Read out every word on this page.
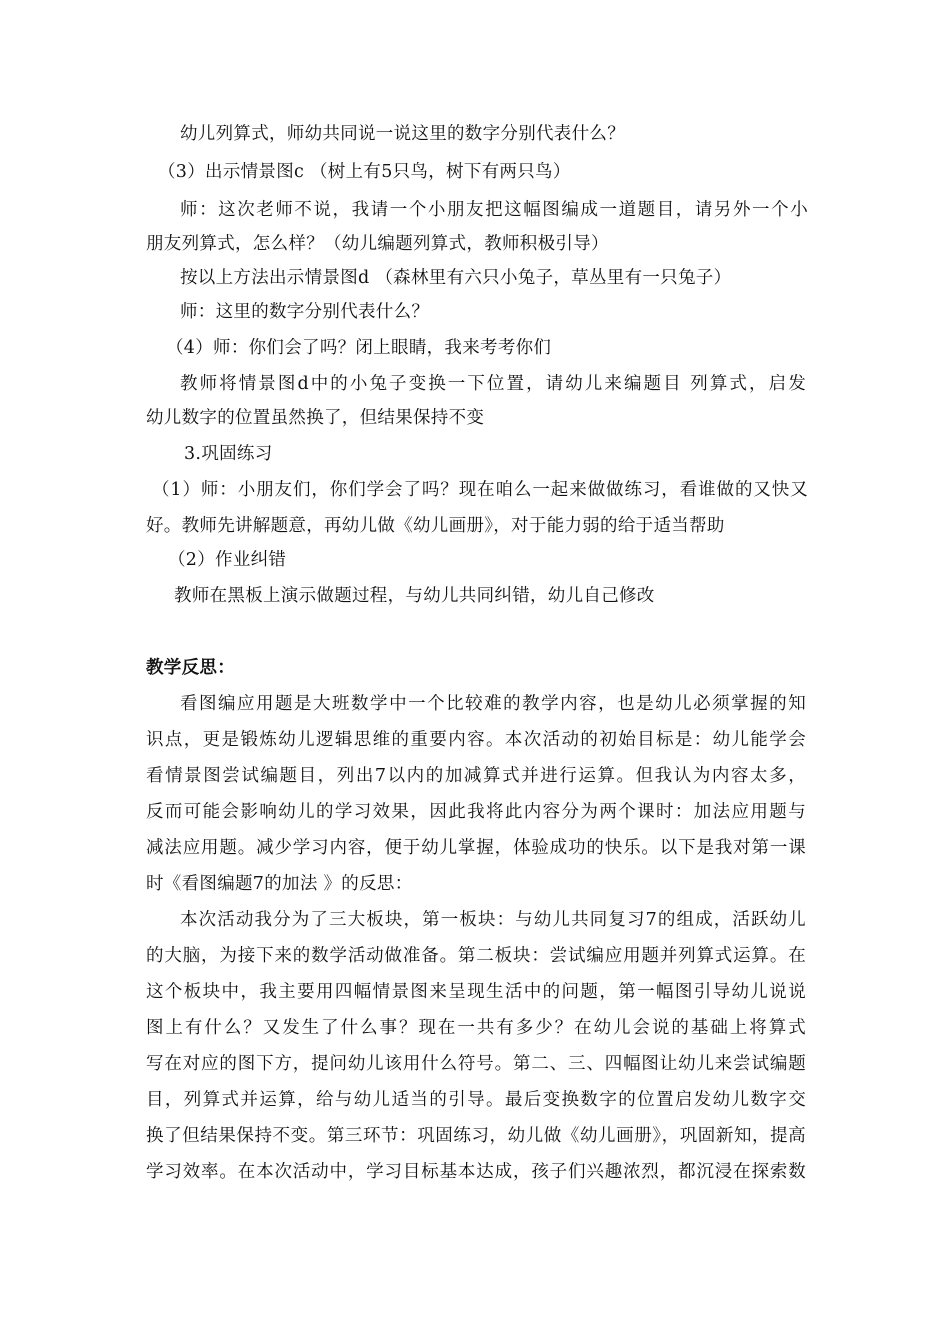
幼儿列算式，师幼共同说一说这里的数字分别代表什么？
（3）出示情景图c （树上有5只鸟，树下有两只鸟）
师：这次老师不说，我请一个小朋友把这幅图编成一道题目，请另外一个小
朋友列算式，怎么样？（幼儿编题列算式，教师积极引导）
按以上方法出示情景图d （森林里有六只小兔子，草丛里有一只兔子）
师：这里的数字分别代表什么？
（4）师：你们会了吗？闭上眼睛，我来考考你们
教师将情景图d中的小兔子变换一下位置，请幼儿来编题目 列算式，启发
幼儿数字的位置虽然换了，但结果保持不变
3.巩固练习
（1）师：小朋友们，你们学会了吗？现在咱么一起来做做练习，看谁做的又快又
好。教师先讲解题意，再幼儿做《幼儿画册》，对于能力弱的给于适当帮助
（2）作业纠错
教师在黑板上演示做题过程，与幼儿共同纠错，幼儿自己修改
教学反思：
看图编应用题是大班数学中一个比较难的教学内容，也是幼儿必须掌握的知
识点，更是锻炼幼儿逻辑思维的重要内容。本次活动的初始目标是：幼儿能学会
看情景图尝试编题目，列出7以内的加减算式并进行运算。但我认为内容太多，
反而可能会影响幼儿的学习效果，因此我将此内容分为两个课时：加法应用题与
减法应用题。减少学习内容，便于幼儿掌握，体验成功的快乐。以下是我对第一课
时《看图编题7的加法 》的反思：
本次活动我分为了三大板块，第一板块：与幼儿共同复习7的组成，活跃幼儿
的大脑，为接下来的数学活动做准备。第二板块：尝试编应用题并列算式运算。在
这个板块中，我主要用四幅情景图来呈现生活中的问题，第一幅图引导幼儿说说
图上有什么？又发生了什么事？现在一共有多少？在幼儿会说的基础上将算式
写在对应的图下方，提问幼儿该用什么符号。第二、三、四幅图让幼儿来尝试编题
目，列算式并运算，给与幼儿适当的引导。最后变换数字的位置启发幼儿数字交
换了但结果保持不变。第三环节：巩固练习，幼儿做《幼儿画册》，巩固新知，提高
学习效率。在本次活动中，学习目标基本达成，孩子们兴趣浓烈，都沉浸在探索数
